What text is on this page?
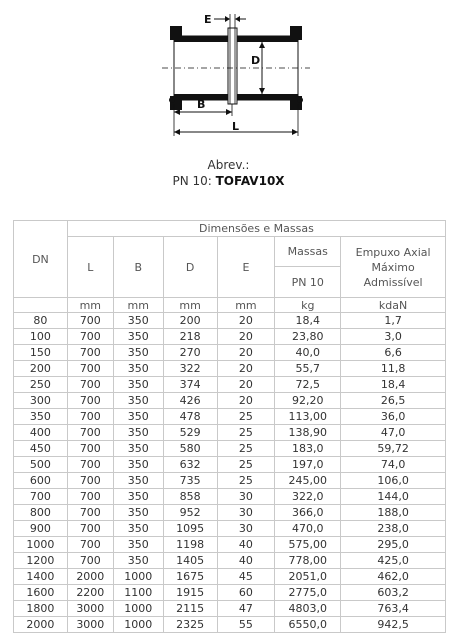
E
D
B
L
Abrev.:
PN 10: TOFAV10X
DN	Dimensões e Massas					
	L	B	D	E	Massas	Empuxo Axial Máximo Admissível
					PN 10	
	mm	mm	mm	mm	kg	kdaN
80	700	350	200	20	18,4	1,7
100	700	350	218	20	23,80	3,0
150	700	350	270	20	40,0	6,6
200	700	350	322	20	55,7	11,8
250	700	350	374	20	72,5	18,4
300	700	350	426	20	92,20	26,5
350	700	350	478	25	113,00	36,0
400	700	350	529	25	138,90	47,0
450	700	350	580	25	183,0	59,72
500	700	350	632	25	197,0	74,0
600	700	350	735	25	245,00	106,0
700	700	350	858	30	322,0	144,0
800	700	350	952	30	366,0	188,0
900	700	350	1095	30	470,0	238,0
1000	700	350	1198	40	575,00	295,0
1200	700	350	1405	40	778,00	425,0
1400	2000	1000	1675	45	2051,0	462,0
1600	2200	1100	1915	60	2775,0	603,2
1800	3000	1000	2115	47	4803,0	763,4
2000	3000	1000	2325	55	6550,0	942,5
